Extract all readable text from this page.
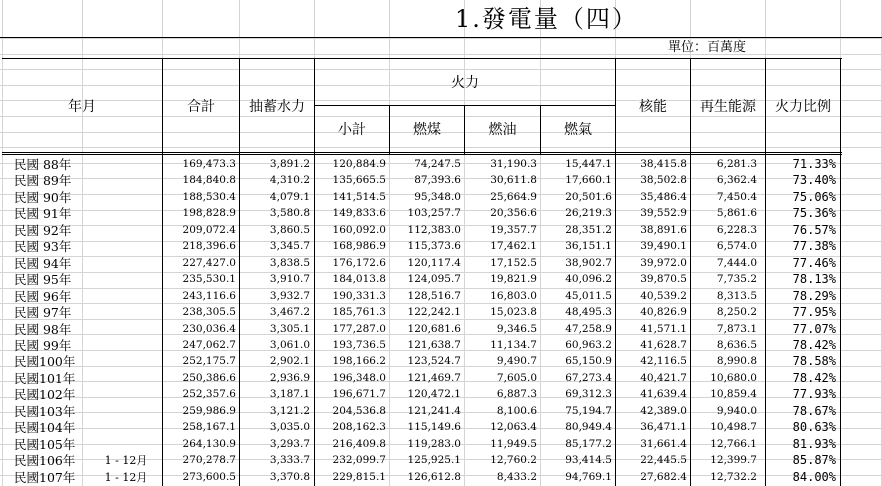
1.發電量（四）
單位：百萬度
年月	合計	抽蓄水力
火力
小計	燃煤	燃油	燃氣
核能	再生能源	火力比例
民國 88年	169,473.3	3,891.2	120,884.9	74,247.5	31,190.3	15,447.1	38,415.8	6,281.3	71.33%
民國 89年	184,840.8	4,310.2	135,665.5	87,393.6	30,611.8	17,660.1	38,502.8	6,362.4	73.40%
民國 90年	188,530.4	4,079.1	141,514.5	95,348.0	25,664.9	20,501.6	35,486.4	7,450.4	75.06%
民國 91年	198,828.9	3,580.8	149,833.6	103,257.7	20,356.6	26,219.3	39,552.9	5,861.6	75.36%
民國 92年	209,072.4	3,860.5	160,092.0	112,383.0	19,357.7	28,351.2	38,891.6	6,228.3	76.57%
民國 93年	218,396.6	3,345.7	168,986.9	115,373.6	17,462.1	36,151.1	39,490.1	6,574.0	77.38%
民國 94年	227,427.0	3,838.5	176,172.6	120,117.4	17,152.5	38,902.7	39,972.0	7,444.0	77.46%
民國 95年	235,530.1	3,910.7	184,013.8	124,095.7	19,821.9	40,096.2	39,870.5	7,735.2	78.13%
民國 96年	243,116.6	3,932.7	190,331.3	128,516.7	16,803.0	45,011.5	40,539.2	8,313.5	78.29%
民國 97年	238,305.5	3,467.2	185,761.3	122,242.1	15,023.8	48,495.3	40,826.9	8,250.2	77.95%
民國 98年	230,036.4	3,305.1	177,287.0	120,681.6	9,346.5	47,258.9	41,571.1	7,873.1	77.07%
民國 99年	247,062.7	3,061.0	193,736.5	121,638.7	11,134.7	60,963.2	41,628.7	8,636.5	78.42%
民國100年	252,175.7	2,902.1	198,166.2	123,524.7	9,490.7	65,150.9	42,116.5	8,990.8	78.58%
民國101年	250,386.6	2,936.9	196,348.0	121,469.7	7,605.0	67,273.4	40,421.7	10,680.0	78.42%
民國102年	252,357.6	3,187.1	196,671.7	120,472.1	6,887.3	69,312.3	41,639.4	10,859.4	77.93%
民國103年	259,986.9	3,121.2	204,536.8	121,241.4	8,100.6	75,194.7	42,389.0	9,940.0	78.67%
民國104年	258,167.1	3,035.0	208,162.3	115,149.6	12,063.4	80,949.4	36,471.1	10,498.7	80.63%
民國105年	264,130.9	3,293.7	216,409.8	119,283.0	11,949.5	85,177.2	31,661.4	12,766.1	81.93%
民國106年	1 - 12月	270,278.7	3,333.7	232,099.7	125,925.1	12,760.2	93,414.5	22,445.5	12,399.7	85.87%
民國107年	1 - 12月	273,600.5	3,370.8	229,815.1	126,612.8	8,433.2	94,769.1	27,682.4	12,732.2	84.00%
